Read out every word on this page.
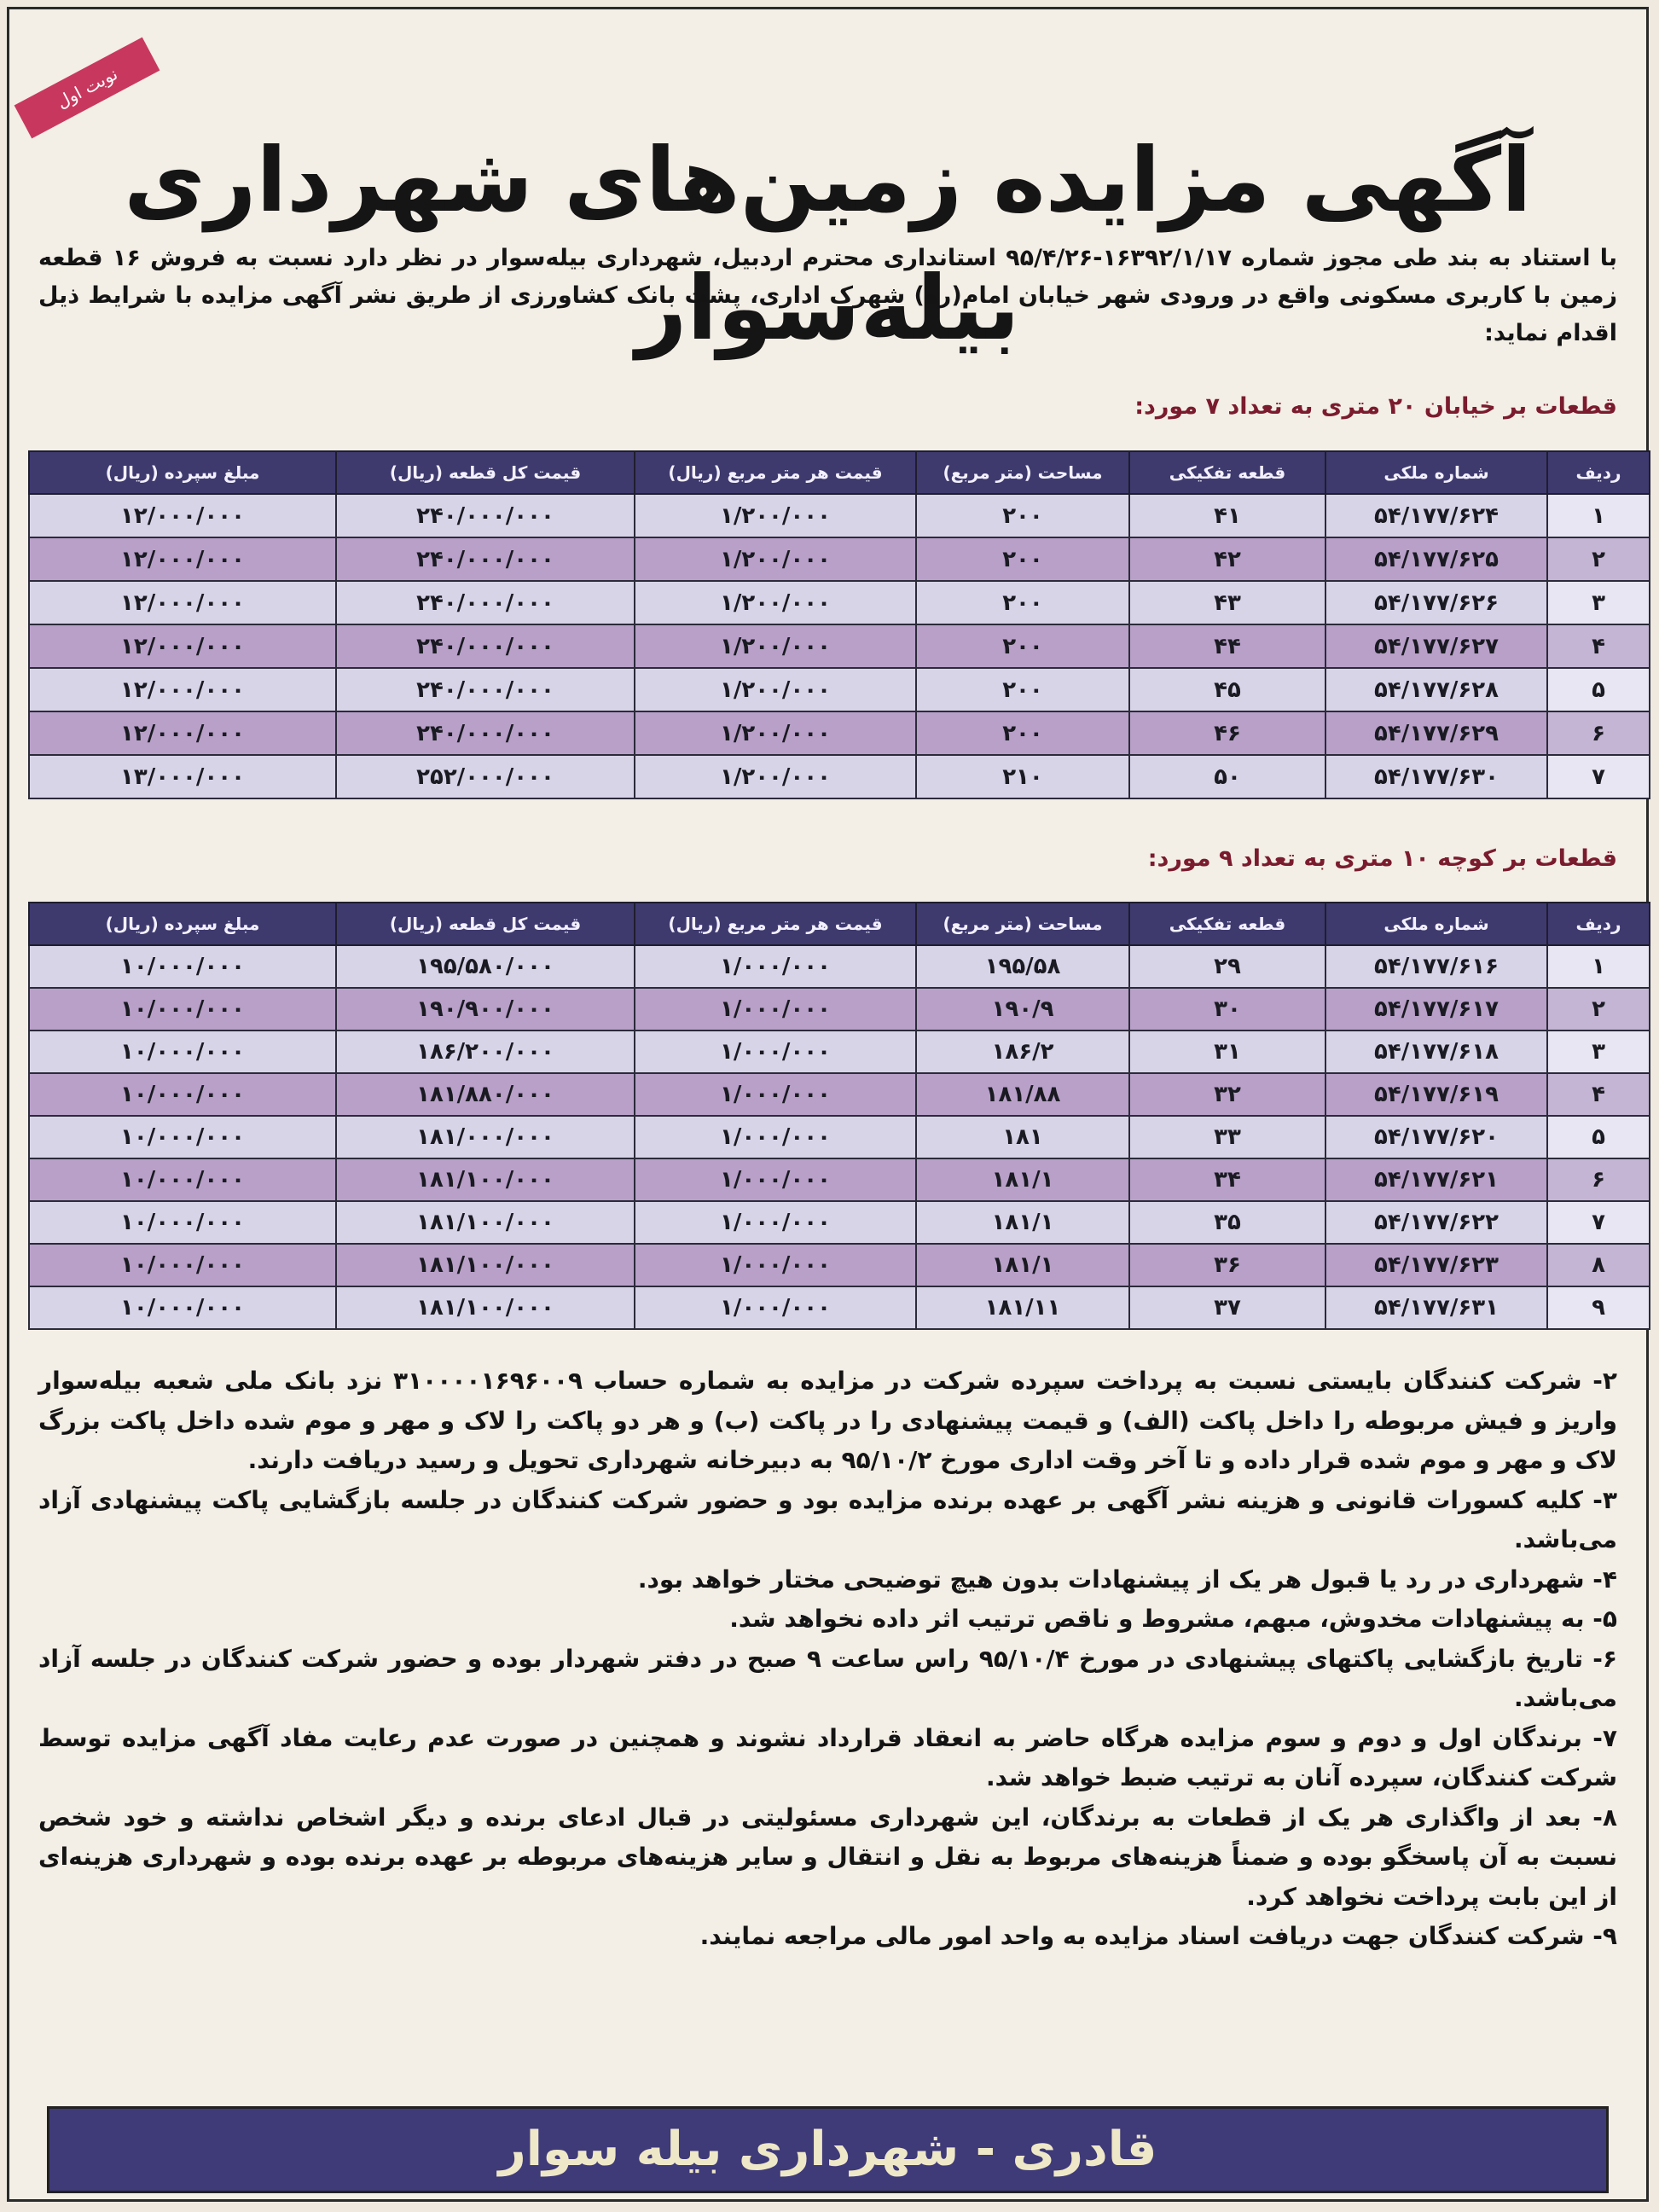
نوبت اول
آگهی مزایده زمین‌های شهرداری بیله‌سوار
با استناد به بند طی مجوز شماره ۱۶۳۹۲/۱/۱۷-۹۵/۴/۲۶ استانداری محترم اردبیل، شهرداری بیله‌سوار در نظر دارد نسبت به فروش ۱۶ قطعه زمین با کاربری مسکونی واقع در ورودی شهر خیابان امام(ره) شهرک اداری، پشت بانک کشاورزی از طریق نشر آگهی مزایده با شرایط ذیل اقدام نماید:
قطعات بر خیابان ۲۰ متری به تعداد ۷ مورد:
ردیف	شماره ملکی	قطعه تفکیکی	مساحت (متر مربع)	قیمت هر متر مربع (ریال)	قیمت کل قطعه (ریال)	مبلغ سپرده (ریال)
۱	۵۴/۱۷۷/۶۲۴	۴۱	۲۰۰	۱/۲۰۰/۰۰۰	۲۴۰/۰۰۰/۰۰۰	۱۲/۰۰۰/۰۰۰
۲	۵۴/۱۷۷/۶۲۵	۴۲	۲۰۰	۱/۲۰۰/۰۰۰	۲۴۰/۰۰۰/۰۰۰	۱۲/۰۰۰/۰۰۰
۳	۵۴/۱۷۷/۶۲۶	۴۳	۲۰۰	۱/۲۰۰/۰۰۰	۲۴۰/۰۰۰/۰۰۰	۱۲/۰۰۰/۰۰۰
۴	۵۴/۱۷۷/۶۲۷	۴۴	۲۰۰	۱/۲۰۰/۰۰۰	۲۴۰/۰۰۰/۰۰۰	۱۲/۰۰۰/۰۰۰
۵	۵۴/۱۷۷/۶۲۸	۴۵	۲۰۰	۱/۲۰۰/۰۰۰	۲۴۰/۰۰۰/۰۰۰	۱۲/۰۰۰/۰۰۰
۶	۵۴/۱۷۷/۶۲۹	۴۶	۲۰۰	۱/۲۰۰/۰۰۰	۲۴۰/۰۰۰/۰۰۰	۱۲/۰۰۰/۰۰۰
۷	۵۴/۱۷۷/۶۳۰	۵۰	۲۱۰	۱/۲۰۰/۰۰۰	۲۵۲/۰۰۰/۰۰۰	۱۳/۰۰۰/۰۰۰
قطعات بر کوچه ۱۰ متری به تعداد ۹ مورد:
ردیف	شماره ملکی	قطعه تفکیکی	مساحت (متر مربع)	قیمت هر متر مربع (ریال)	قیمت کل قطعه (ریال)	مبلغ سپرده (ریال)
۱	۵۴/۱۷۷/۶۱۶	۲۹	۱۹۵/۵۸	۱/۰۰۰/۰۰۰	۱۹۵/۵۸۰/۰۰۰	۱۰/۰۰۰/۰۰۰
۲	۵۴/۱۷۷/۶۱۷	۳۰	۱۹۰/۹	۱/۰۰۰/۰۰۰	۱۹۰/۹۰۰/۰۰۰	۱۰/۰۰۰/۰۰۰
۳	۵۴/۱۷۷/۶۱۸	۳۱	۱۸۶/۲	۱/۰۰۰/۰۰۰	۱۸۶/۲۰۰/۰۰۰	۱۰/۰۰۰/۰۰۰
۴	۵۴/۱۷۷/۶۱۹	۳۲	۱۸۱/۸۸	۱/۰۰۰/۰۰۰	۱۸۱/۸۸۰/۰۰۰	۱۰/۰۰۰/۰۰۰
۵	۵۴/۱۷۷/۶۲۰	۳۳	۱۸۱	۱/۰۰۰/۰۰۰	۱۸۱/۰۰۰/۰۰۰	۱۰/۰۰۰/۰۰۰
۶	۵۴/۱۷۷/۶۲۱	۳۴	۱۸۱/۱	۱/۰۰۰/۰۰۰	۱۸۱/۱۰۰/۰۰۰	۱۰/۰۰۰/۰۰۰
۷	۵۴/۱۷۷/۶۲۲	۳۵	۱۸۱/۱	۱/۰۰۰/۰۰۰	۱۸۱/۱۰۰/۰۰۰	۱۰/۰۰۰/۰۰۰
۸	۵۴/۱۷۷/۶۲۳	۳۶	۱۸۱/۱	۱/۰۰۰/۰۰۰	۱۸۱/۱۰۰/۰۰۰	۱۰/۰۰۰/۰۰۰
۹	۵۴/۱۷۷/۶۳۱	۳۷	۱۸۱/۱۱	۱/۰۰۰/۰۰۰	۱۸۱/۱۰۰/۰۰۰	۱۰/۰۰۰/۰۰۰

۲- شرکت کنندگان بایستی نسبت به پرداخت سپرده شرکت در مزایده به شماره حساب ۳۱۰۰۰۰۱۶۹۶۰۰۹ نزد بانک ملی شعبه بیله‌سوار واریز و فیش مربوطه را داخل پاکت (الف) و قیمت پیشنهادی را در پاکت (ب) و هر دو پاکت را لاک و مهر و موم شده داخل پاکت بزرگ لاک و مهر و موم شده قرار داده و تا آخر وقت اداری مورخ ۹۵/۱۰/۲ به دبیرخانه شهرداری تحویل و رسید دریافت دارند.

۳- کلیه کسورات قانونی و هزینه نشر آگهی بر عهده برنده مزایده بود و حضور شرکت کنندگان در جلسه بازگشایی پاکت پیشنهادی آزاد می‌باشد.

۴- شهرداری در رد یا قبول هر یک از پیشنهادات بدون هیچ توضیحی مختار خواهد بود.

۵- به پیشنهادات مخدوش، مبهم، مشروط و ناقص ترتیب اثر داده نخواهد شد.

۶- تاریخ بازگشایی پاکتهای پیشنهادی در مورخ ۹۵/۱۰/۴ راس ساعت ۹ صبح در دفتر شهردار بوده و حضور شرکت کنندگان در جلسه آزاد می‌باشد.

۷- برندگان اول و دوم و سوم مزایده هرگاه حاضر به انعقاد قرارداد نشوند و همچنین در صورت عدم رعایت مفاد آگهی مزایده توسط شرکت کنندگان، سپرده آنان به ترتیب ضبط خواهد شد.

۸- بعد از واگذاری هر یک از قطعات به برندگان، این شهرداری مسئولیتی در قبال ادعای برنده و دیگر اشخاص نداشته و خود شخص نسبت به آن پاسخگو بوده و ضمناً هزینه‌های مربوط به نقل و انتقال و سایر هزینه‌های مربوطه بر عهده برنده بوده و شهرداری هزینه‌ای از این بابت پرداخت نخواهد کرد.

۹- شرکت کنندگان جهت دریافت اسناد مزایده به واحد امور مالی مراجعه نمایند.

قادری - شهرداری بیله سوار
